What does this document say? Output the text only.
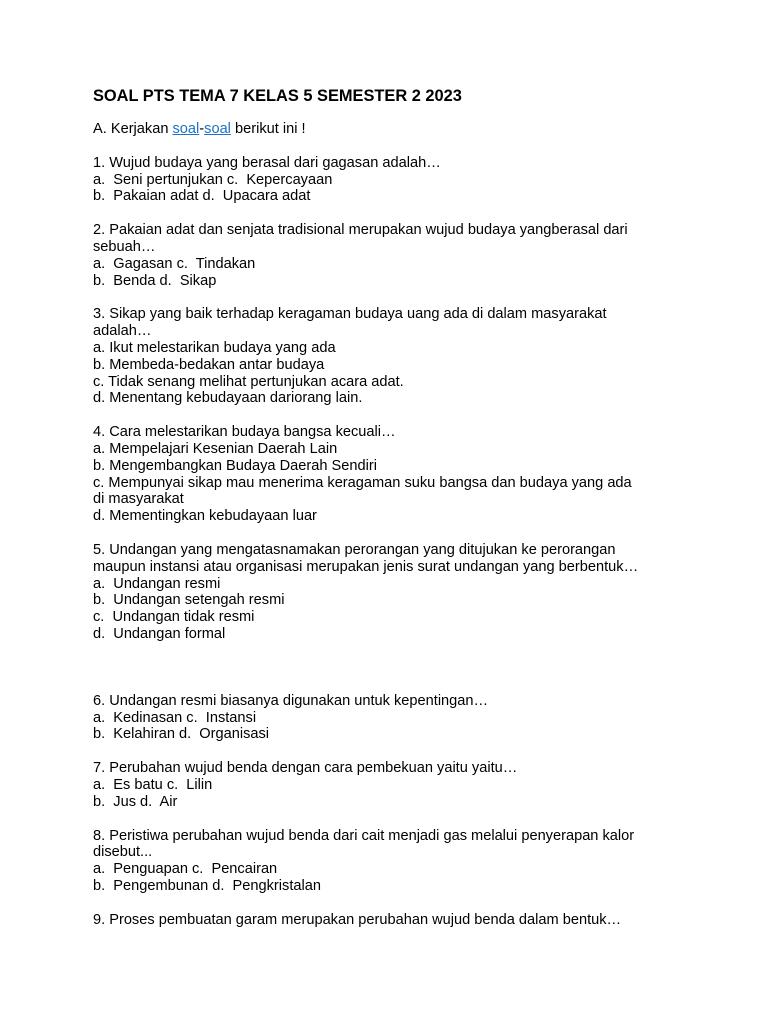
SOAL PTS TEMA 7 KELAS 5 SEMESTER 2 2023
A. Kerjakan soal-soal berikut ini !
1. Wujud budaya yang berasal dari gagasan adalah…
a.  Seni pertunjukan c.  Kepercayaan
b.  Pakaian adat d.  Upacara adat
2. Pakaian adat dan senjata tradisional merupakan wujud budaya yangberasal dari
sebuah…
a.  Gagasan c.  Tindakan
b.  Benda d.  Sikap
3. Sikap yang baik terhadap keragaman budaya uang ada di dalam masyarakat
adalah…
a. Ikut melestarikan budaya yang ada
b. Membeda-bedakan antar budaya
c. Tidak senang melihat pertunjukan acara adat.
d. Menentang kebudayaan dariorang lain.
4. Cara melestarikan budaya bangsa kecuali…
a. Mempelajari Kesenian Daerah Lain
b. Mengembangkan Budaya Daerah Sendiri
c. Mempunyai sikap mau menerima keragaman suku bangsa dan budaya yang ada
di masyarakat
d. Mementingkan kebudayaan luar
5. Undangan yang mengatasnamakan perorangan yang ditujukan ke perorangan
maupun instansi atau organisasi merupakan jenis surat undangan yang berbentuk…
a.  Undangan resmi
b.  Undangan setengah resmi
c.  Undangan tidak resmi
d.  Undangan formal
6. Undangan resmi biasanya digunakan untuk kepentingan…
a.  Kedinasan c.  Instansi
b.  Kelahiran d.  Organisasi
7. Perubahan wujud benda dengan cara pembekuan yaitu yaitu…
a.  Es batu c.  Lilin
b.  Jus d.  Air
8. Peristiwa perubahan wujud benda dari cait menjadi gas melalui penyerapan kalor
disebut...
a.  Penguapan c.  Pencairan
b.  Pengembunan d.  Pengkristalan
9. Proses pembuatan garam merupakan perubahan wujud benda dalam bentuk…
